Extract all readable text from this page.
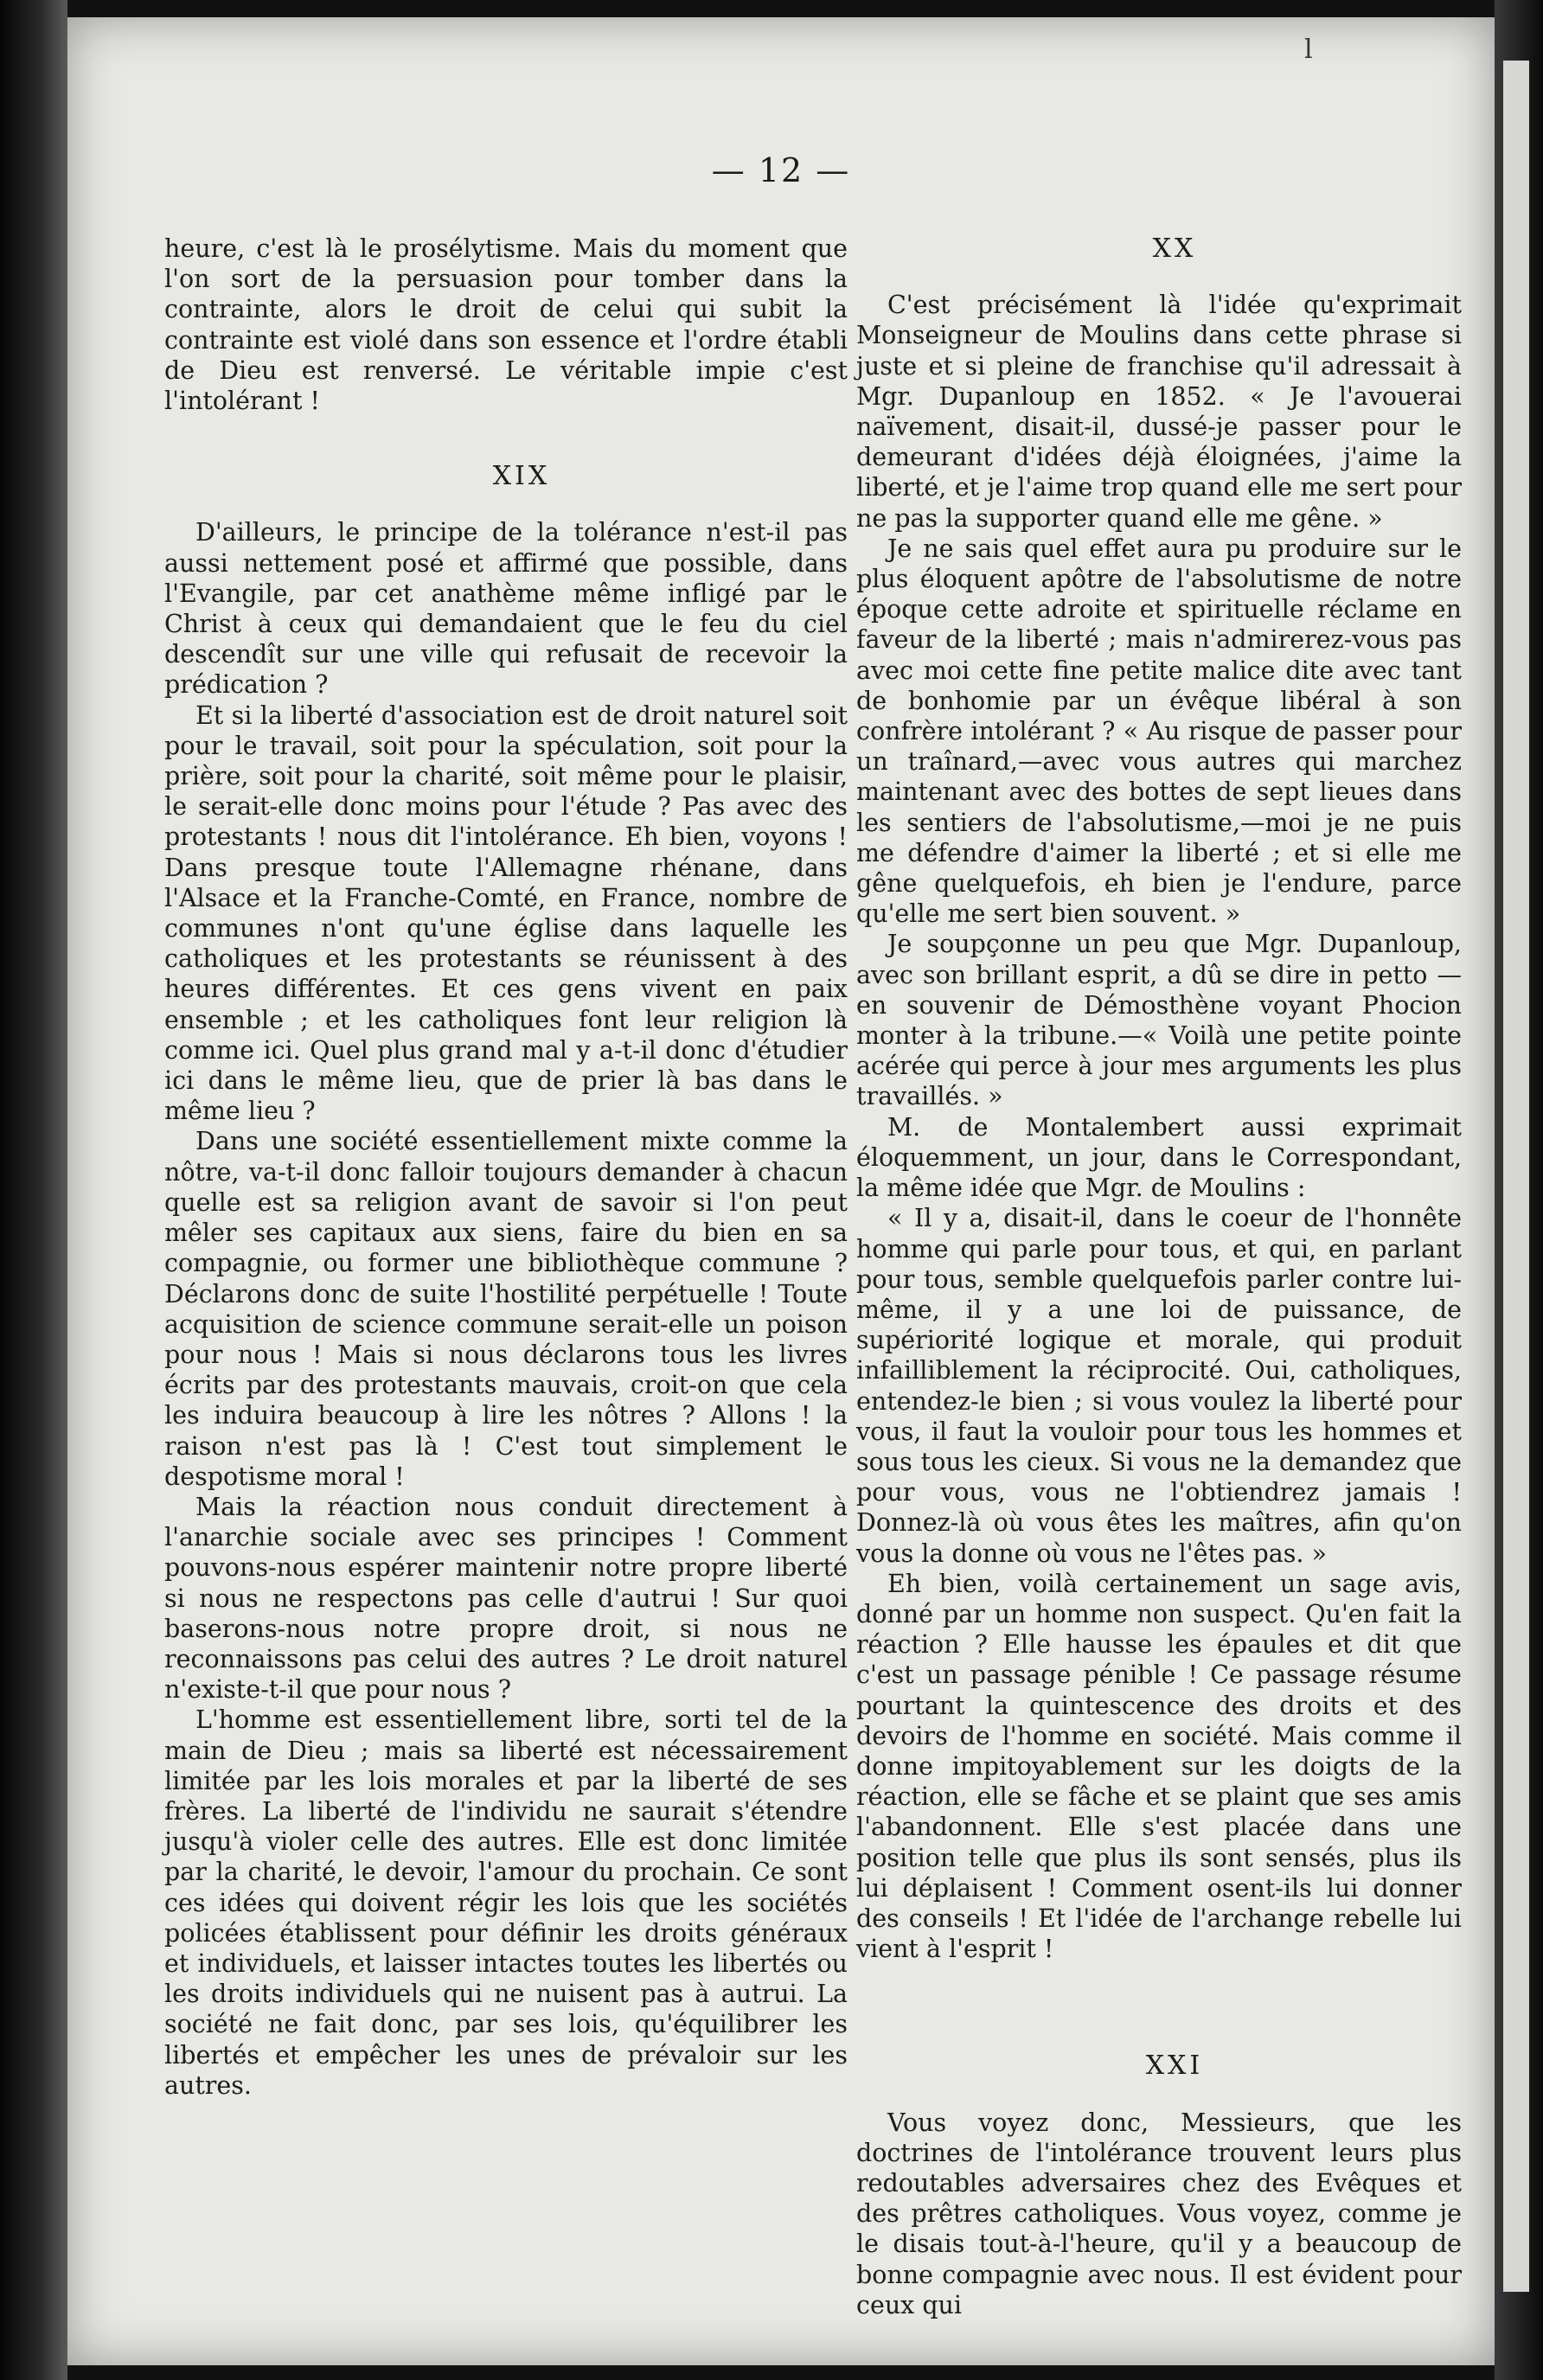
l
— 12 —

heure, c'est là le prosélytisme. Mais du moment que l'on sort de la persuasion pour tomber dans la contrainte, alors le droit de celui qui subit la contrainte est violé dans son essence et l'ordre établi de Dieu est renversé. Le véritable impie c'est l'intolérant !

XIX

D'ailleurs, le principe de la tolérance n'est-il pas aussi nettement posé et affirmé que possible, dans l'Evangile, par cet anathème même infligé par le Christ à ceux qui demandaient que le feu du ciel descendît sur une ville qui refusait de recevoir la prédication ?

Et si la liberté d'association est de droit naturel soit pour le travail, soit pour la spéculation, soit pour la prière, soit pour la charité, soit même pour le plaisir, le serait-elle donc moins pour l'étude ? Pas avec des protestants ! nous dit l'intolérance. Eh bien, voyons ! Dans presque toute l'Allemagne rhénane, dans l'Alsace et la Franche-Comté, en France, nombre de communes n'ont qu'une église dans laquelle les catholiques et les protestants se réunissent à des heures différentes. Et ces gens vivent en paix ensemble ; et les catholiques font leur religion là comme ici. Quel plus grand mal y a-t-il donc d'étudier ici dans le même lieu, que de prier là bas dans le même lieu ?

Dans une société essentiellement mixte comme la nôtre, va-t-il donc falloir toujours demander à chacun quelle est sa religion avant de savoir si l'on peut mêler ses capitaux aux siens, faire du bien en sa compagnie, ou former une bibliothèque commune ? Déclarons donc de suite l'hostilité perpétuelle ! Toute acquisition de science commune serait-elle un poison pour nous ! Mais si nous déclarons tous les livres écrits par des protestants mauvais, croit-on que cela les induira beaucoup à lire les nôtres ? Allons ! la raison n'est pas là ! C'est tout simplement le despotisme moral !

Mais la réaction nous conduit directement à l'anarchie sociale avec ses principes ! Comment pouvons-nous espérer maintenir notre propre liberté si nous ne respectons pas celle d'autrui ! Sur quoi baserons-nous notre propre droit, si nous ne reconnaissons pas celui des autres ? Le droit naturel n'existe-t-il que pour nous ?

L'homme est essentiellement libre, sorti tel de la main de Dieu ; mais sa liberté est nécessairement limitée par les lois morales et par la liberté de ses frères. La liberté de l'individu ne saurait s'étendre jusqu'à violer celle des autres. Elle est donc limitée par la charité, le devoir, l'amour du prochain. Ce sont ces idées qui doivent régir les lois que les sociétés policées établissent pour définir les droits généraux et individuels, et laisser intactes toutes les libertés ou les droits individuels qui ne nuisent pas à autrui. La société ne fait donc, par ses lois, qu'équilibrer les libertés et empêcher les unes de prévaloir sur les autres.

XX

C'est précisément là l'idée qu'exprimait Monseigneur de Moulins dans cette phrase si juste et si pleine de franchise qu'il adressait à Mgr. Dupanloup en 1852. « Je l'avouerai naïvement, disait-il, dussé-je passer pour le demeurant d'idées déjà éloignées, j'aime la liberté, et je l'aime trop quand elle me sert pour ne pas la supporter quand elle me gêne. »

Je ne sais quel effet aura pu produire sur le plus éloquent apôtre de l'absolutisme de notre époque cette adroite et spirituelle réclame en faveur de la liberté ; mais n'admirerez-vous pas avec moi cette fine petite malice dite avec tant de bonhomie par un évêque libéral à son confrère intolérant ? « Au risque de passer pour un traînard,—avec vous autres qui marchez maintenant avec des bottes de sept lieues dans les sentiers de l'absolutisme,—moi je ne puis me défendre d'aimer la liberté ; et si elle me gêne quelquefois, eh bien je l'endure, parce qu'elle me sert bien souvent. »

Je soupçonne un peu que Mgr. Dupanloup, avec son brillant esprit, a dû se dire in petto — en souvenir de Démosthène voyant Phocion monter à la tribune.—« Voilà une petite pointe acérée qui perce à jour mes arguments les plus travaillés. »

M. de Montalembert aussi exprimait éloquemment, un jour, dans le Correspondant, la même idée que Mgr. de Moulins :

« Il y a, disait-il, dans le coeur de l'honnête homme qui parle pour tous, et qui, en parlant pour tous, semble quelquefois parler contre lui-même, il y a une loi de puissance, de supériorité logique et morale, qui produit infailliblement la réciprocité. Oui, catholiques, entendez-le bien ; si vous voulez la liberté pour vous, il faut la vouloir pour tous les hommes et sous tous les cieux. Si vous ne la demandez que pour vous, vous ne l'obtiendrez jamais ! Donnez-là où vous êtes les maîtres, afin qu'on vous la donne où vous ne l'êtes pas. »

Eh bien, voilà certainement un sage avis, donné par un homme non suspect. Qu'en fait la réaction ? Elle hausse les épaules et dit que c'est un passage pénible ! Ce passage résume pourtant la quintescence des droits et des devoirs de l'homme en société. Mais comme il donne impitoyablement sur les doigts de la réaction, elle se fâche et se plaint que ses amis l'abandonnent. Elle s'est placée dans une position telle que plus ils sont sensés, plus ils lui déplaisent ! Comment osent-ils lui donner des conseils ! Et l'idée de l'archange rebelle lui vient à l'esprit !

XXI

Vous voyez donc, Messieurs, que les doctrines de l'intolérance trouvent leurs plus redoutables adversaires chez des Evêques et des prêtres catholiques. Vous voyez, comme je le disais tout-à-l'heure, qu'il y a beaucoup de bonne compagnie avec nous. Il est évident pour ceux qui
